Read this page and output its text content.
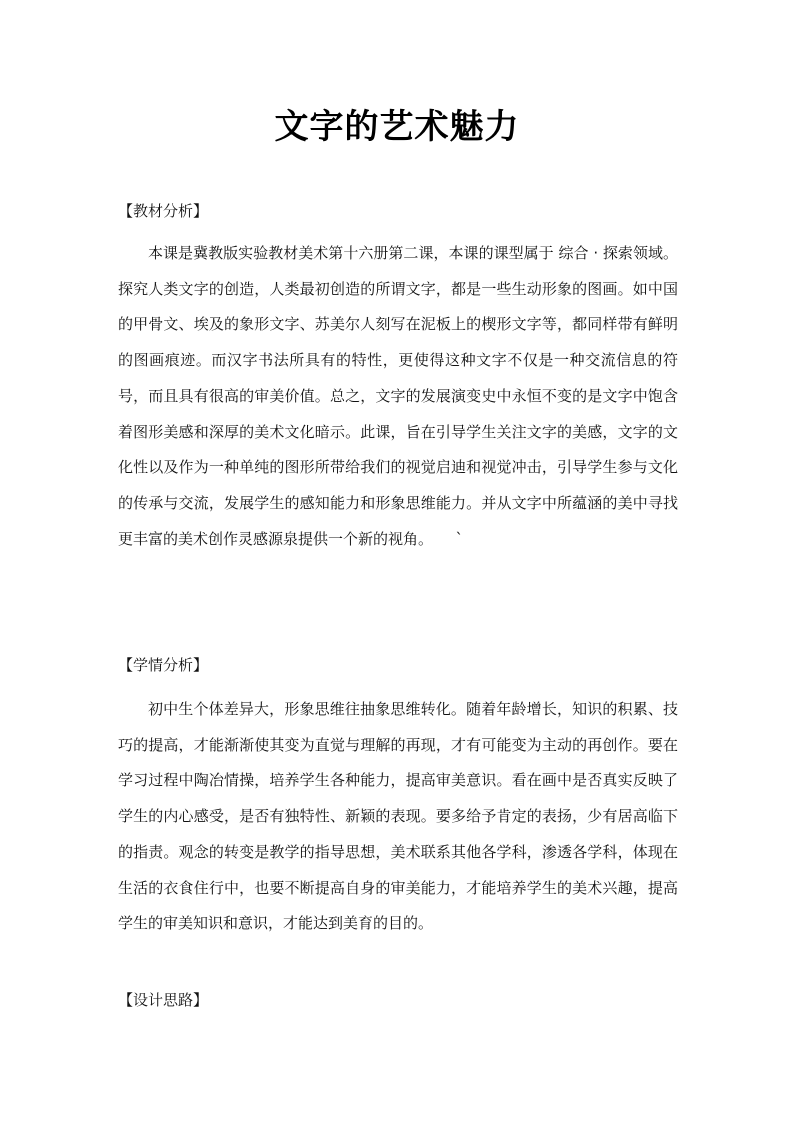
文字的艺术魅力
【教材分析】
本课是冀教版实验教材美术第十六册第二课，本课的课型属于 综合 · 探索领域。探究人类文字的创造，人类最初创造的所谓文字，都是一些生动形象的图画。如中国的甲骨文、埃及的象形文字、苏美尔人刻写在泥板上的楔形文字等，都同样带有鲜明的图画痕迹。而汉字书法所具有的特性，更使得这种文字不仅是一种交流信息的符号，而且具有很高的审美价值。总之，文字的发展演变史中永恒不变的是文字中饱含着图形美感和深厚的美术文化暗示。此课，旨在引导学生关注文字的美感，文字的文化性以及作为一种单纯的图形所带给我们的视觉启迪和视觉冲击，引导学生参与文化的传承与交流，发展学生的感知能力和形象思维能力。并从文字中所蕴涵的美中寻找更丰富的美术创作灵感源泉提供一个新的视角。　　`
【学情分析】
初中生个体差异大，形象思维往抽象思维转化。随着年龄增长，知识的积累、技巧的提高，才能渐渐使其变为直觉与理解的再现，才有可能变为主动的再创作。要在学习过程中陶冶情操，培养学生各种能力，提高审美意识。看在画中是否真实反映了学生的内心感受，是否有独特性、新颖的表现。要多给予肯定的表扬，少有居高临下的指责。观念的转变是教学的指导思想，美术联系其他各学科，渗透各学科，体现在生活的衣食住行中，也要不断提高自身的审美能力，才能培养学生的美术兴趣，提高学生的审美知识和意识，才能达到美育的目的。
【设计思路】
